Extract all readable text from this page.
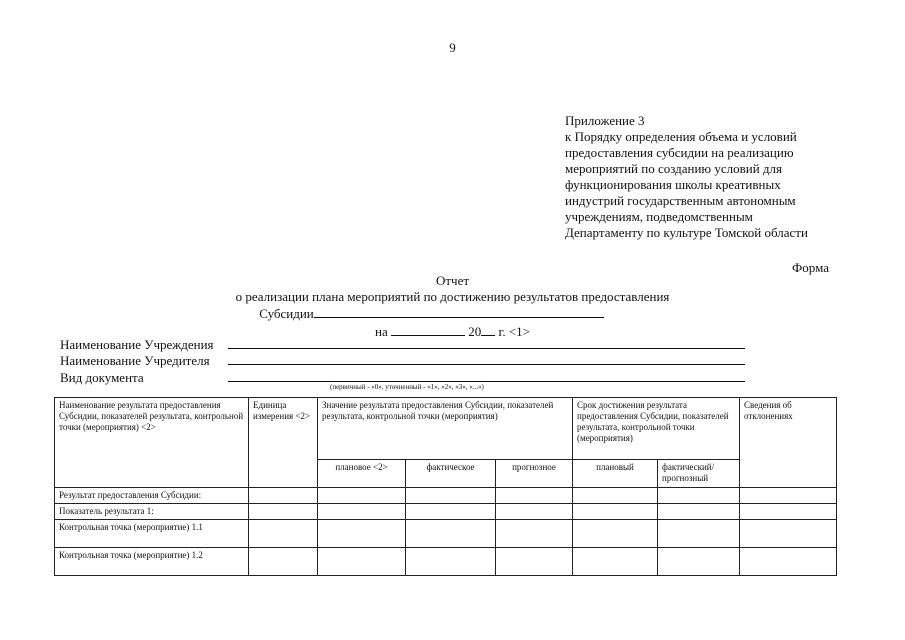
9
Приложение 3
к Порядку определения объема и условий
предоставления субсидии на реализацию
мероприятий по созданию условий для
функционирования школы креативных
индустрий государственным автономным
учреждениям, подведомственным
Департаменту по культуре Томской области
Форма
Отчет
о реализации плана мероприятий по достижению результатов предоставления
Субсидии
на	20 г. <1>
Наименование Учреждения
Наименование Учредителя
Вид документа
(первичный - «0», уточненный - «1», «2», «3», «...»)
Наименование результата предоставления Субсидии, показателей результата, контрольной точки (мероприятия) <2>	Единица измерения <2>	Значение результата предоставления Субсидии, показателей результата, контрольной точки (мероприятия)			Срок достижения результата предоставления Субсидии, показателей результата, контрольной точки (мероприятия)		Сведения об отклонениях
		плановое <2>	фактическое	прогнозное	плановый	фактический/ прогнозный	
Результат предоставления Субсидии:							
Показатель результата 1:							
Контрольная точка (мероприятие) 1.1							
Контрольная точка (мероприятие) 1.2							
